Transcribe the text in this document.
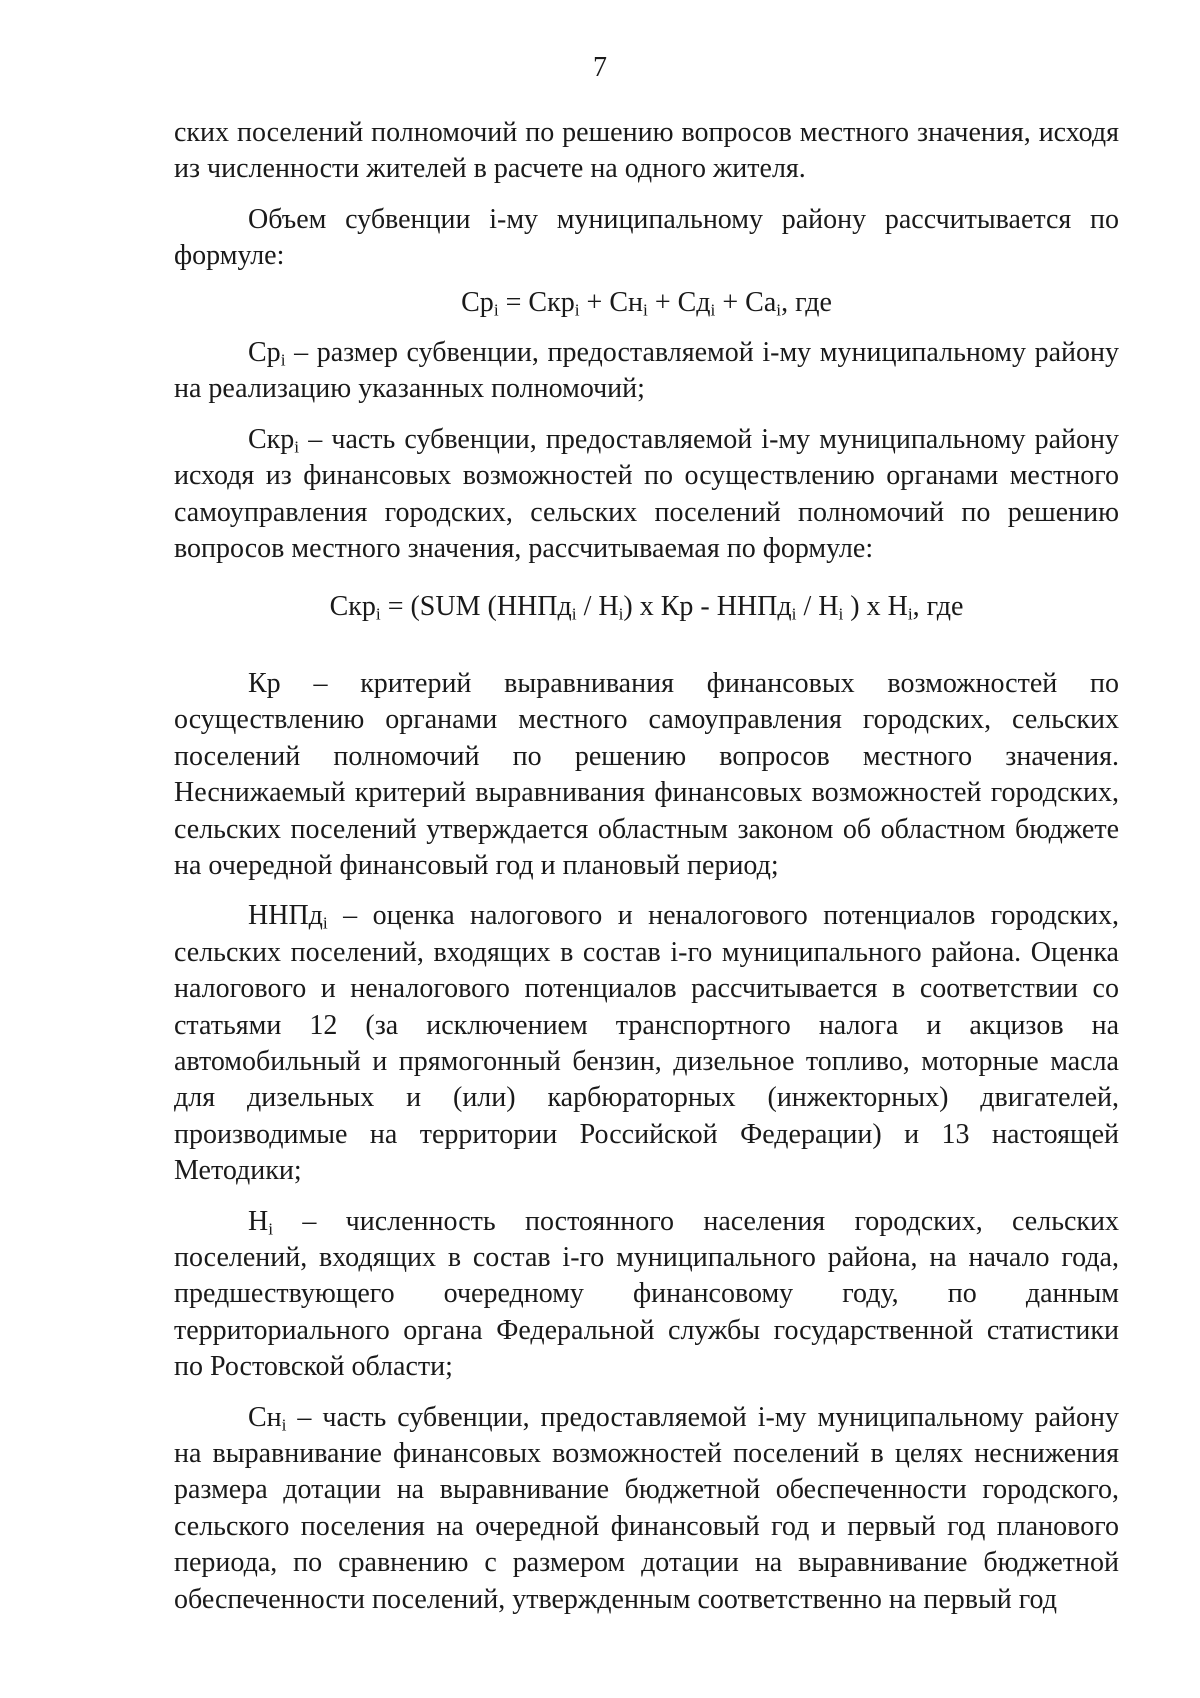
7

ских поселений полномочий по решению вопросов местного значения, исходя из численности жителей в расчете на одного жителя.

Объем субвенции i-му муниципальному району рассчитывается по формуле:

$Ср_i = Скр_i + Сн_i + Сд_i + Са_i$, где

$Ср_i$ – размер субвенции, предоставляемой i-му муниципальному району на реализацию указанных полномочий;

Скр$_i$ – часть субвенции, предоставляемой i-му муниципальному району исходя из финансовых возможностей по осуществлению органами местного самоуправления городских, сельских поселений полномочий по решению вопросов местного значения, рассчитываемая по формуле:

Скр$_i$ = (SUM (ННПд$_i$ / $Н_i$) х Кр - ННПд$_i$ / $Н_i$ ) х $Н_i$, где

Кр – критерий выравнивания финансовых возможностей по осуществлению органами местного самоуправления городских, сельских поселений полномочий по решению вопросов местного значения. Неснижаемый критерий выравнивания финансовых возможностей городских, сельских поселений утверждается областным законом об областном бюджете на очередной финансовый год и плановый период;

ННПд$_i$ – оценка налогового и неналогового потенциалов городских, сельских поселений, входящих в состав i-го муниципального района. Оценка налогового и неналогового потенциалов рассчитывается в соответствии со статьями 12 (за исключением транспортного налога и акцизов на автомобильный и прямогонный бензин, дизельное топливо, моторные масла для дизельных и (или) карбюраторных (инжекторных) двигателей, производимые на территории Российской Федерации) и 13 настоящей Методики;

$Н_i$ – численность постоянного населения городских, сельских поселений, входящих в состав i-го муниципального района, на начало года, предшествующего очередному финансовому году, по данным территориального органа Федеральной службы государственной статистики по Ростовской области;

$Сн_i$ – часть субвенции, предоставляемой i-му муниципальному району на выравнивание финансовых возможностей поселений в целях неснижения размера дотации на выравнивание бюджетной обеспеченности городского, сельского поселения на очередной финансовый год и первый год планового периода, по сравнению с размером дотации на выравнивание бюджетной обеспеченности поселений, утвержденным соответственно на первый год
